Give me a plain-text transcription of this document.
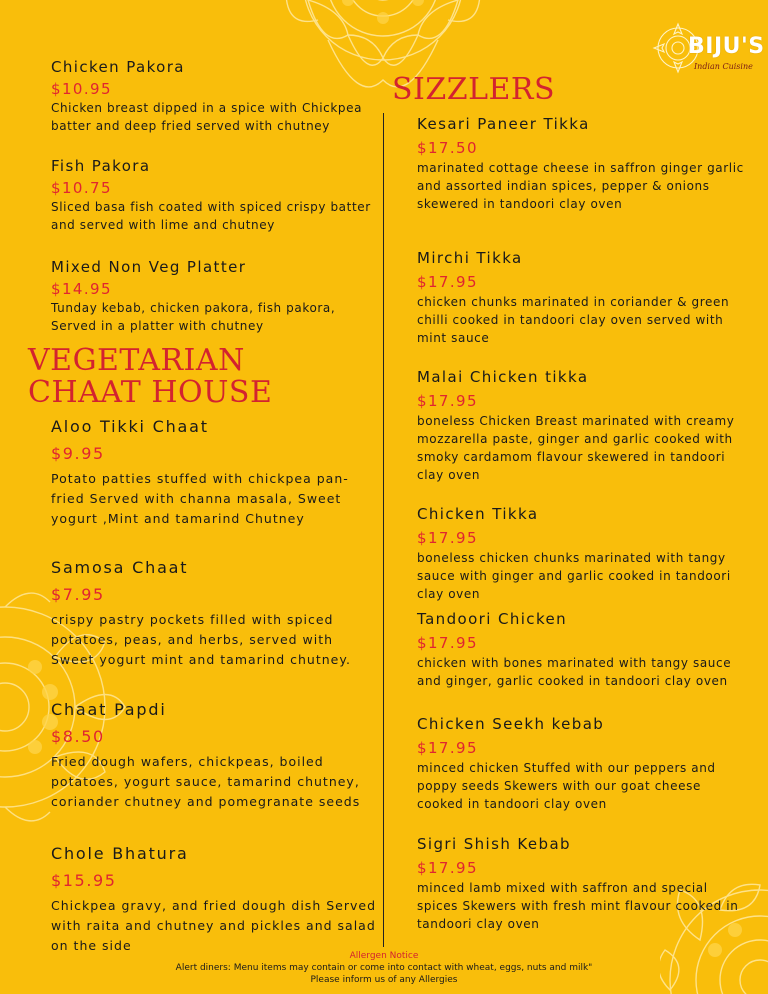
BIJU'S
Indian Cuisine
Chicken Pakora
$10.95
Chicken breast dipped in a spice with Chickpea batter and deep fried served with chutney
Fish Pakora
$10.75
Sliced basa fish coated with spiced crispy batter and served with lime and chutney
Mixed Non Veg Platter
$14.95
Tunday kebab, chicken pakora, fish pakora, Served in a platter with chutney
VEGETARIAN
CHAAT HOUSE
Aloo Tikki Chaat
$9.95
Potato patties stuffed with chickpea pan-fried Served with channa masala, Sweet yogurt ,Mint and tamarind Chutney
Samosa Chaat
$7.95
crispy pastry pockets filled with spiced potatoes, peas, and herbs, served with Sweet yogurt mint and tamarind chutney.
Chaat Papdi
$8.50
Fried dough wafers, chickpeas, boiled potatoes, yogurt sauce, tamarind chutney, coriander chutney and pomegranate seeds
Chole Bhatura
$15.95
Chickpea gravy, and fried dough dish Served with raita and chutney and pickles and salad on the side
SIZZLERS
Kesari Paneer Tikka
$17.50
marinated cottage cheese in saffron ginger garlic and assorted indian spices, pepper & onions skewered in tandoori clay oven
Mirchi Tikka
$17.95
chicken chunks marinated in coriander & green chilli cooked in tandoori clay oven served with mint sauce
Malai Chicken tikka
$17.95
boneless Chicken Breast marinated with creamy mozzarella paste, ginger and garlic cooked with smoky cardamom flavour skewered in tandoori clay oven
Chicken Tikka
$17.95
boneless chicken chunks marinated with tangy sauce with ginger and garlic cooked in tandoori clay oven
Tandoori Chicken
$17.95
chicken with bones marinated with tangy sauce and ginger, garlic cooked in tandoori clay oven
Chicken Seekh kebab
$17.95
minced chicken Stuffed with our peppers and poppy seeds Skewers with our goat cheese cooked in tandoori clay oven
Sigri Shish Kebab
$17.95
minced lamb mixed with saffron and special spices Skewers with fresh mint flavour cooked in tandoori clay oven
Allergen Notice
Alert diners: Menu items may contain or come into contact with wheat, eggs, nuts and milk"
Please inform us of any Allergies
